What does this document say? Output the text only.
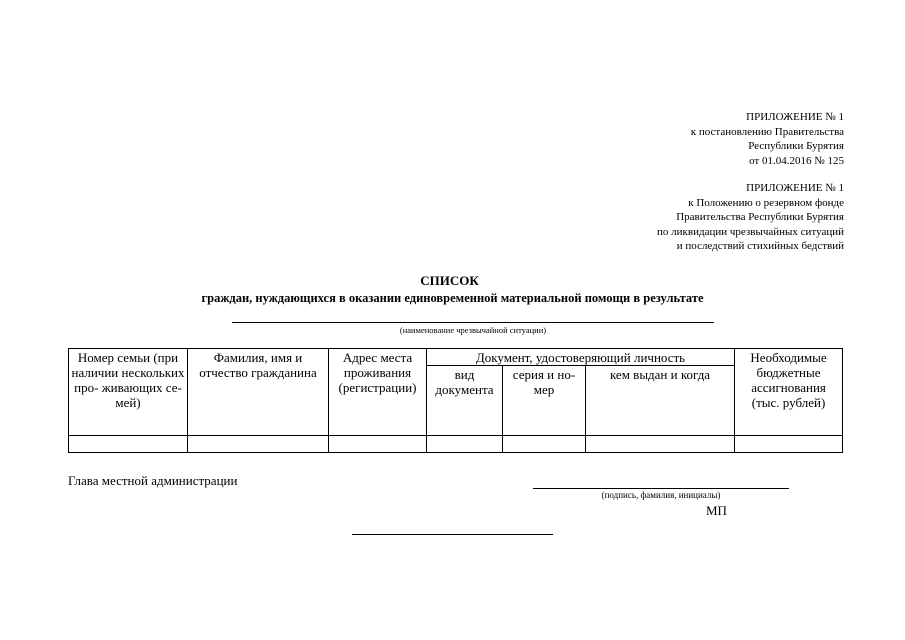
ПРИЛОЖЕНИЕ № 1
к постановлению Правительства
Республики Бурятия
от 01.04.2016 № 125
ПРИЛОЖЕНИЕ № 1
к Положению о резервном фонде
Правительства Республики Бурятия
по ликвидации чрезвычайных ситуаций
и последствий стихийных бедствий
СПИСОК
граждан, нуждающихся в оказании единовременной материальной помощи в результате
(наименование чрезвычайной ситуации)
Номер семьи (при наличии нескольких про- живающих се- мей)	Фамилия, имя и отчество гражданина	Адрес места проживания (регистрации)	Документ, удостоверяющий личность			Необходимые бюджетные ассигнования (тыс. рублей)
			вид документа	серия и но- мер	кем выдан и когда	

Глава местной администрации
(подпись, фамилия, инициалы)
МП
